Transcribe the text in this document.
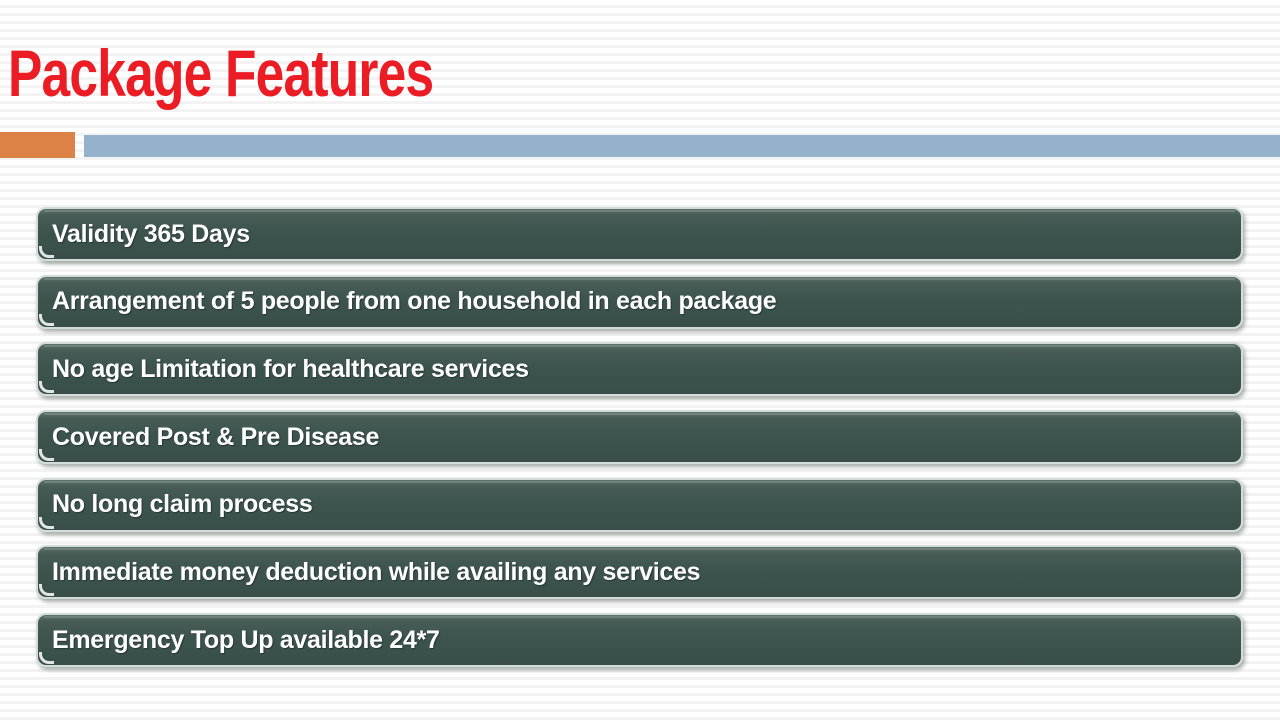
Package Features
Validity 365 Days
Arrangement of 5 people from one household in each package
No age Limitation for healthcare services
Covered Post & Pre Disease
No long claim process
Immediate money deduction while availing any services
Emergency Top Up available 24*7
